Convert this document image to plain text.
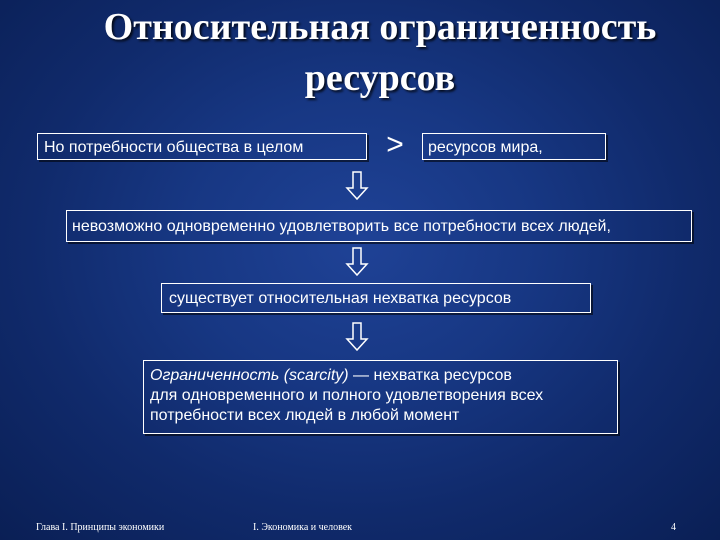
Относительная ограниченность
ресурсов
Но потребности общества в целом	>	ресурсов мира,
невозможно одновременно удовлетворить все потребности всех людей,
существует относительная нехватка ресурсов
Ограниченность (scarcity) — нехватка ресурсов
для одновременного и полного удовлетворения всех
потребности всех людей в любой момент
Глава I. Принципы экономики	I. Экономика и человек	4
